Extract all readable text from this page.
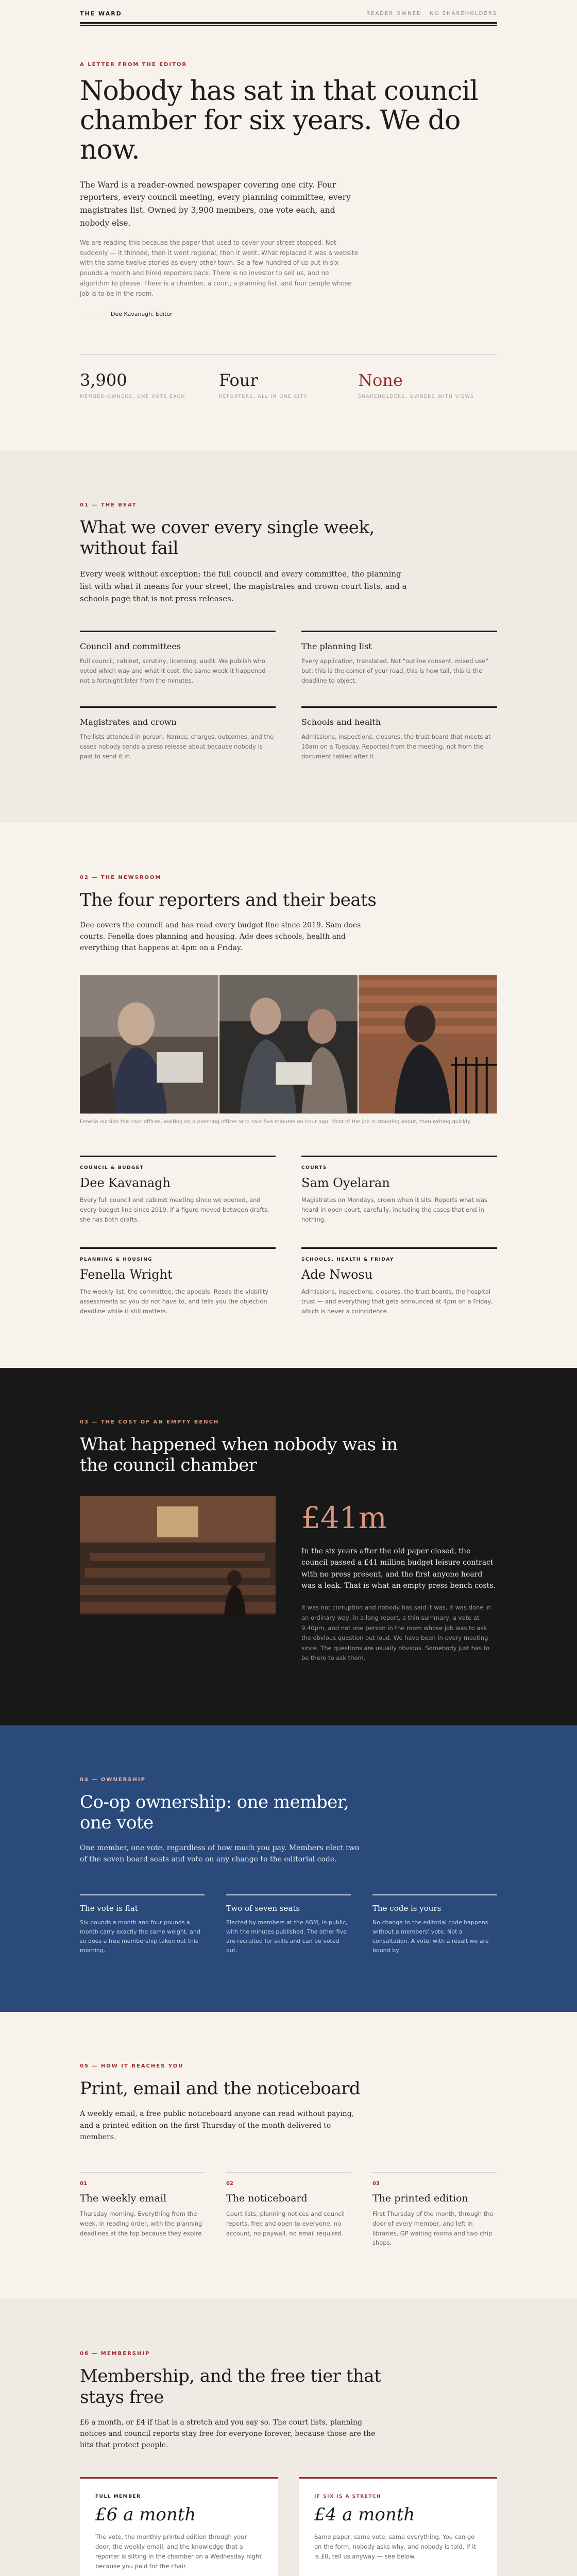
THE WARD	READER OWNED · NO SHAREHOLDERS
A LETTER FROM THE EDITOR
Nobody has sat in that council chamber for six years. We do now.

The Ward is a reader-owned newspaper covering one city. Four reporters, every council meeting, every planning committee, every magistrates list. Owned by 3,900 members, one vote each, and nobody else.

We are reading this because the paper that used to cover your street stopped. Not suddenly — it thinned, then it went regional, then it went. What replaced it was a website with the same twelve stories as every other town. So a few hundred of us put in six pounds a month and hired reporters back. There is no investor to sell us, and no algorithm to please. There is a chamber, a court, a planning list, and four people whose job is to be in the room.

Dee Kavanagh, Editor
3,900
MEMBER-OWNERS, ONE VOTE EACH
Four
REPORTERS, ALL IN ONE CITY
None
SHAREHOLDERS, OWNERS WITH VIEWS
01 — THE BEAT
What we cover every single week, without fail

Every week without exception: the full council and every committee, the planning list with what it means for your street, the magistrates and crown court lists, and a schools page that is not press releases.

Council and committees

Full council, cabinet, scrutiny, licensing, audit. We publish who voted which way and what it cost, the same week it happened — not a fortnight later from the minutes.

The planning list

Every application, translated. Not "outline consent, mixed use" but: this is the corner of your road, this is how tall, this is the deadline to object.

Magistrates and crown

The lists attended in person. Names, charges, outcomes, and the cases nobody sends a press release about because nobody is paid to send it in.

Schools and health

Admissions, inspections, closures, the trust board that meets at 10am on a Tuesday. Reported from the meeting, not from the document tabled after it.

02 — THE NEWSROOM
The four reporters and their beats

Dee covers the council and has read every budget line since 2019. Sam does courts. Fenella does planning and housing. Ade does schools, health and everything that happens at 4pm on a Friday.

Fenella outside the civic offices, waiting on a planning officer who said five minutes an hour ago. Most of the job is standing about, then writing quickly.

COUNCIL & BUDGET
Dee Kavanagh

Every full council and cabinet meeting since we opened, and every budget line since 2019. If a figure moved between drafts, she has both drafts.

COURTS
Sam Oyelaran

Magistrates on Mondays, crown when it sits. Reports what was heard in open court, carefully, including the cases that end in nothing.

PLANNING & HOUSING
Fenella Wright

The weekly list, the committee, the appeals. Reads the viability assessments so you do not have to, and tells you the objection deadline while it still matters.

SCHOOLS, HEALTH & FRIDAY
Ade Nwosu

Admissions, inspections, closures, the trust boards, the hospital trust — and everything that gets announced at 4pm on a Friday, which is never a coincidence.

03 — THE COST OF AN EMPTY BENCH
What happened when nobody was in the council chamber
£41m

In the six years after the old paper closed, the council passed a £41 million budget leisure contract with no press present, and the first anyone heard was a leak. That is what an empty press bench costs.

It was not corruption and nobody has said it was. It was done in an ordinary way, in a long report, a thin summary, a vote at 9.40pm, and not one person in the room whose job was to ask the obvious question out loud. We have been in every meeting since. The questions are usually obvious. Somebody just has to be there to ask them.

04 — OWNERSHIP
Co-op ownership: one member, one vote

One member, one vote, regardless of how much you pay. Members elect two of the seven board seats and vote on any change to the editorial code.

The vote is flat

Six pounds a month and four pounds a month carry exactly the same weight, and so does a free membership taken out this morning.

Two of seven seats

Elected by members at the AGM, in public, with the minutes published. The other five are recruited for skills and can be voted out.

The code is yours

No change to the editorial code happens without a members' vote. Not a consultation. A vote, with a result we are bound by.

05 — HOW IT REACHES YOU
Print, email and the noticeboard

A weekly email, a free public noticeboard anyone can read without paying, and a printed edition on the first Thursday of the month delivered to members.

01
The weekly email

Thursday morning. Everything from the week, in reading order, with the planning deadlines at the top because they expire.

02
The noticeboard

Court lists, planning notices and council reports, free and open to everyone, no account, no paywall, no email required.

03
The printed edition

First Thursday of the month, through the door of every member, and left in libraries, GP waiting rooms and two chip shops.

06 — MEMBERSHIP
Membership, and the free tier that stays free

£6 a month, or £4 if that is a stretch and you say so. The court lists, planning notices and council reports stay free for everyone forever, because those are the bits that protect people.

FULL MEMBER
£6 a month

The vote, the monthly printed edition through your door, the weekly email, and the knowledge that a reporter is sitting in the chamber on a Wednesday night because you paid for the chair.

IF SIX IS A STRETCH
£4 a month

Same paper, same vote, same everything. You can go on the form, nobody asks why, and nobody is told. If it is £0, tell us anyway — see below.
